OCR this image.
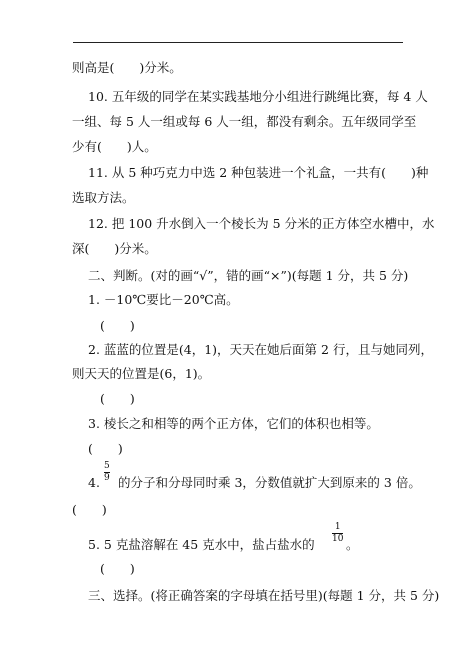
则高是(　　)分米。
10. 五年级的同学在某实践基地分小组进行跳绳比赛，每 4 人
一组、每 5 人一组或每 6 人一组，都没有剩余。五年级同学至
少有(　　)人。
11. 从 5 种巧克力中选 2 种包装进一个礼盒，一共有(　　)种
选取方法。
12. 把 100 升水倒入一个棱长为 5 分米的正方体空水槽中，水
深(　　)分米。
二、判断。(对的画“√”，错的画“×”)(每题 1 分，共 5 分)
1. －10℃要比－20℃高。
(　　)
2. 蓝蓝的位置是(4，1)，天天在她后面第 2 行，且与她同列，
则天天的位置是(6，1)。
(　　)
3. 棱长之和相等的两个正方体，它们的体积也相等。
(　　)
4.
5
9 的分子和分母同时乘 3，分数值就扩大到原来的 3 倍。
(　　)
5. 5 克盐溶解在 45 克水中，盐占盐水的
1
10 。
(　　)
三、选择。(将正确答案的字母填在括号里)(每题 1 分，共 5 分)
